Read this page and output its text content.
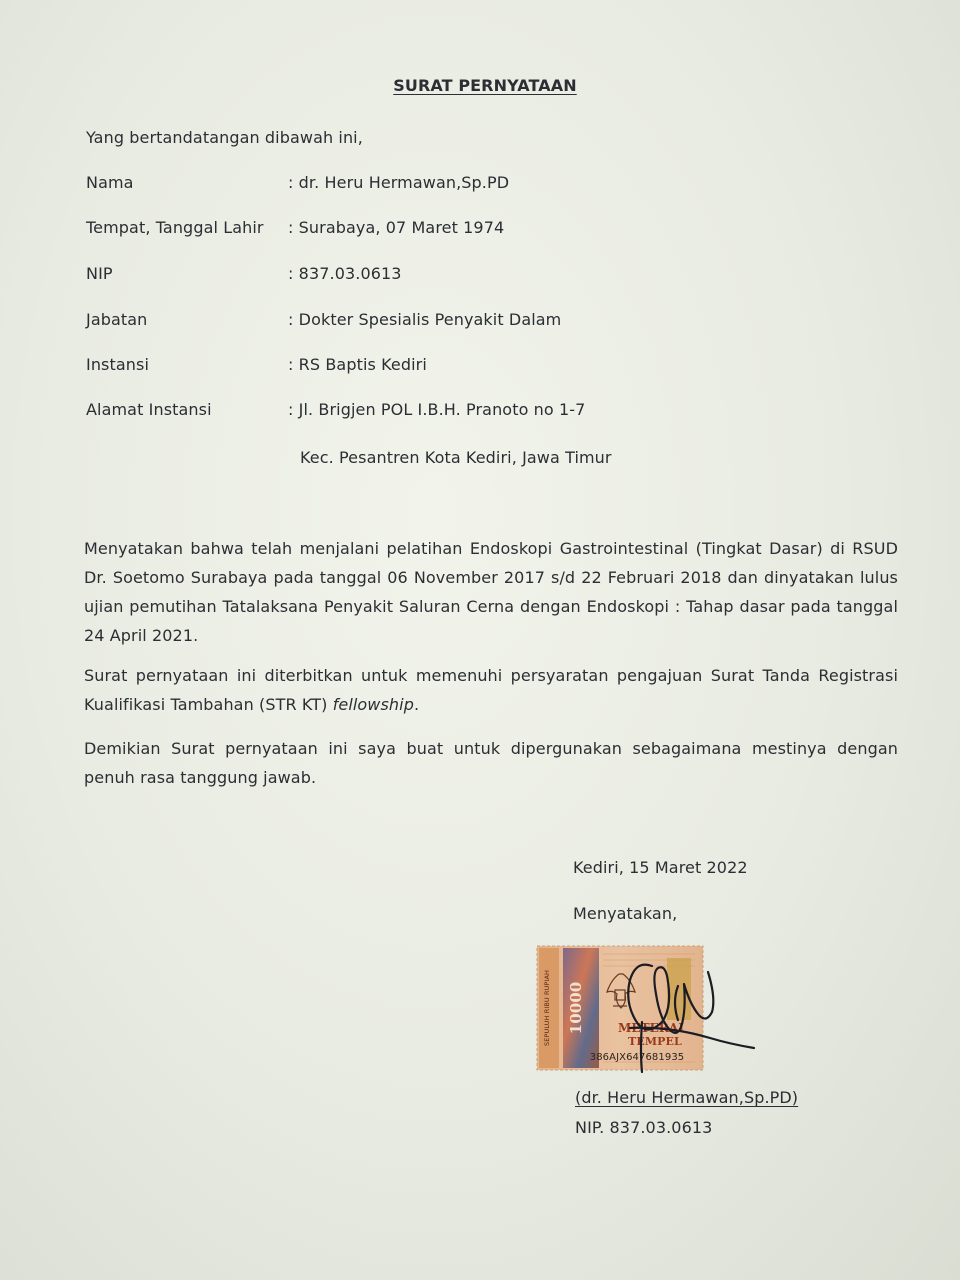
SURAT PERNYATAAN
Yang bertandatangan dibawah ini,
Nama	: dr. Heru Hermawan,Sp.PD
Tempat, Tanggal Lahir : Surabaya, 07 Maret 1974
NIP	: 837.03.0613
Jabatan	: Dokter Spesialis Penyakit Dalam
Instansi	: RS Baptis Kediri
Alamat Instansi	: Jl. Brigjen POL I.B.H. Pranoto no 1-7
Kec. Pesantren Kota Kediri, Jawa Timur
Menyatakan bahwa telah menjalani pelatihan Endoskopi Gastrointestinal (Tingkat Dasar) di RSUD Dr. Soetomo Surabaya pada tanggal 06 November 2017 s/d 22 Februari 2018 dan dinyatakan lulus ujian pemutihan Tatalaksana Penyakit Saluran Cerna dengan Endoskopi : Tahap dasar pada tanggal 24 April 2021.
Surat pernyataan ini diterbitkan untuk memenuhi persyaratan pengajuan Surat Tanda Registrasi Kualifikasi Tambahan (STR KT) fellowship.
Demikian Surat pernyataan ini saya buat untuk dipergunakan sebagaimana mestinya dengan penuh rasa tanggung jawab.
Kediri, 15 Maret 2022
Menyatakan,
SEPULUH RIBU RUPIAH 10000	METERAI
TEMPEL
386AJX647681935
(dr. Heru Hermawan,Sp.PD)
NIP. 837.03.0613
